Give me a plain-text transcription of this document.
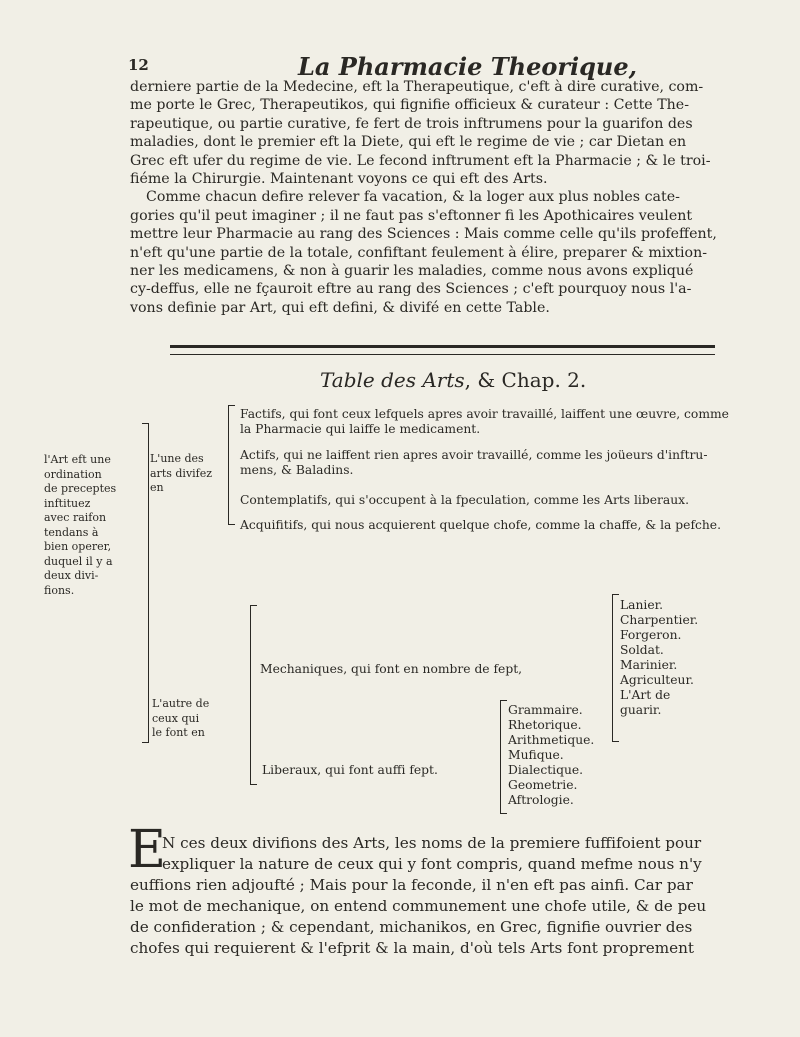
12	La Pharmacie Theorique,
derniere partie de la Medecine, eft la Therapeutique, c'eft à dire curative, com-
me porte le Grec, Therapeutikos, qui fignifie officieux & curateur : Cette The-
rapeutique, ou partie curative, fe fert de trois inftrumens pour la guarifon des
maladies, dont le premier eft la Diete, qui eft le regime de vie ; car Dietan en
Grec eft ufer du regime de vie. Le fecond inftrument eft la Pharmacie ; & le troi-
fiéme la Chirurgie. Maintenant voyons ce qui eft des Arts.
Comme chacun defire relever fa vacation, & la loger aux plus nobles cate-
gories qu'il peut imaginer ; il ne faut pas s'eftonner fi les Apothicaires veulent
mettre leur Pharmacie au rang des Sciences : Mais comme celle qu'ils profeffent,
n'eft qu'une partie de la totale, confiftant feulement à élire, preparer & mixtion-
ner les medicamens, & non à guarir les maladies, comme nous avons expliqué
cy-deffus, elle ne fçauroit eftre au rang des Sciences ; c'eft pourquoy nous l'a-
vons definie par Art, qui eft defini, & divifé en cette Table.
Table des Arts, & Chap. 2.
l'Art eft une
ordination
de preceptes
inftituez
avec raifon
tendans à
bien operer,
duquel il y a
deux divi-
fions.
L'une des
arts divifez
en
Factifs, qui font ceux lefquels apres avoir travaillé, laiffent une œuvre, comme
la Pharmacie qui laiffe le medicament.
Actifs, qui ne laiffent rien apres avoir travaillé, comme les joüeurs d'inftru-
mens, & Baladins.
Contemplatifs, qui s'occupent à la fpeculation, comme les Arts liberaux.
Acquifitifs, qui nous acquierent quelque chofe, comme la chaffe, & la pefche.
L'autre de
ceux qui
le font en
Mechaniques, qui font en nombre de fept,
Lanier.
Charpentier.
Forgeron.
Soldat.
Marinier.
Agriculteur.
L'Art de
guarir.
Liberaux, qui font auffi fept.
Grammaire.
Rhetorique.
Arithmetique.
Mufique.
Dialectique.
Geometrie.
Aftrologie.
E
N ces deux divifions des Arts, les noms de la premiere fuffifoient pour
expliquer la nature de ceux qui y font compris, quand mefme nous n'y
euffions rien adjoufté ; Mais pour la feconde, il n'en eft pas ainfi. Car par
le mot de mechanique, on entend communement une chofe utile, & de peu
de confideration ; & cependant, michanikos, en Grec, fignifie ouvrier des
chofes qui requierent & l'efprit & la main, d'où tels Arts font proprement
